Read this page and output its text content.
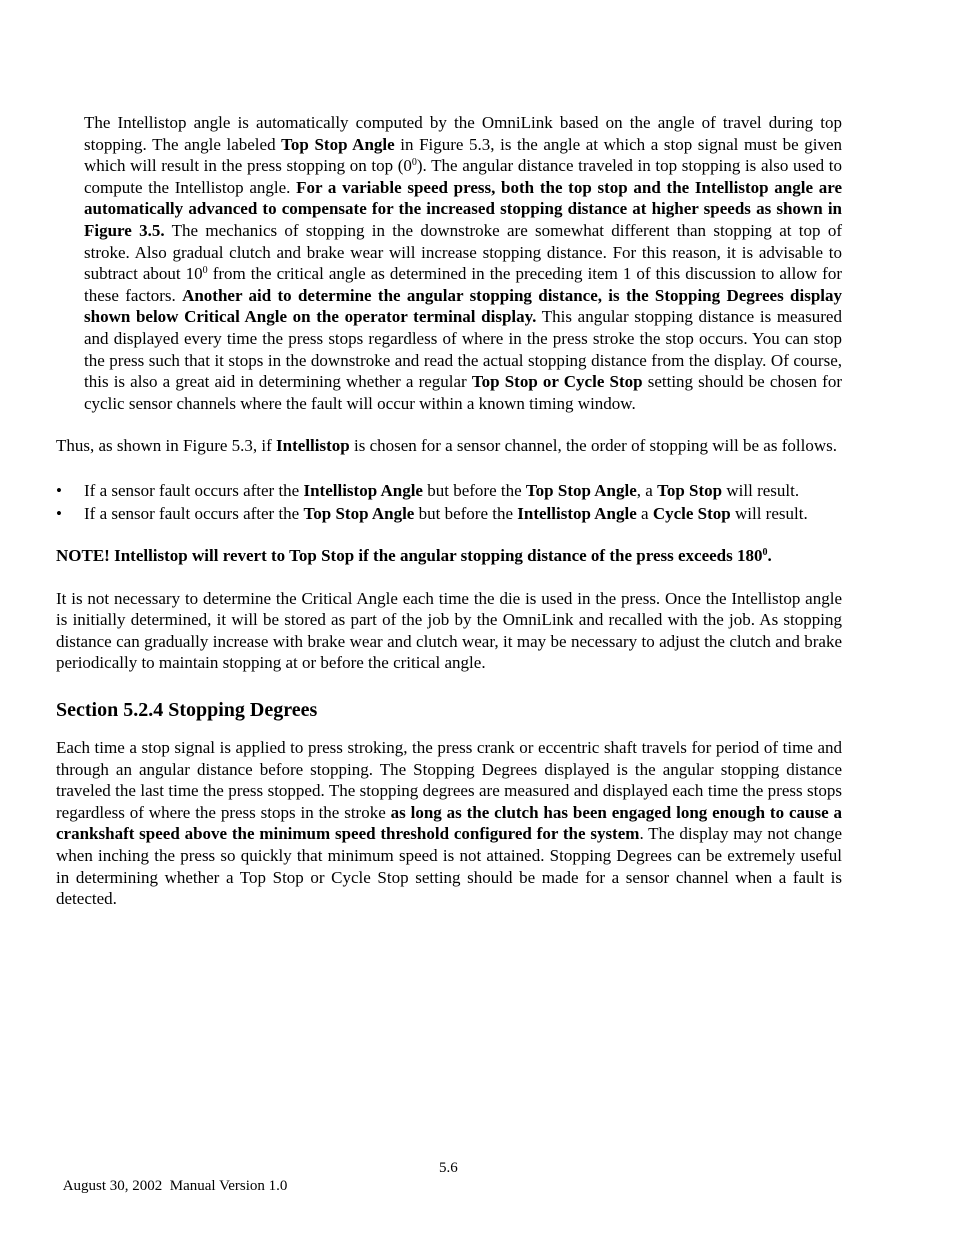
The Intellistop angle is automatically computed by the OmniLink based on the angle of travel during top stopping. The angle labeled Top Stop Angle in Figure 5.3, is the angle at which a stop signal must be given which will result in the press stopping on top $(0^0)$. The angular distance traveled in top stopping is also used to compute the Intellistop angle. For a variable speed press, both the top stop and the Intellistop angle are automatically advanced to compensate for the increased stopping distance at higher speeds as shown in Figure 3.5. The mechanics of stopping in the downstroke are somewhat different than stopping at top of stroke. Also gradual clutch and brake wear will increase stopping distance. For this reason, it is advisable to subtract about $10^0$ from the critical angle as determined in the preceding item 1 of this discussion to allow for these factors. Another aid to determine the angular stopping distance, is the Stopping Degrees display shown below Critical Angle on the operator terminal display. This angular stopping distance is measured and displayed every time the press stops regardless of where in the press stroke the stop occurs. You can stop the press such that it stops in the downstroke and read the actual stopping distance from the display. Of course, this is also a great aid in determining whether a regular Top Stop or Cycle Stop setting should be chosen for cyclic sensor channels where the fault will occur within a known timing window.

Thus, as shown in Figure 5.3, if Intellistop is chosen for a sensor channel, the order of stopping will be as follows.

• If a sensor fault occurs after the Intellistop Angle but before the Top Stop Angle, a Top Stop will result.
• If a sensor fault occurs after the Top Stop Angle but before the Intellistop Angle a Cycle Stop will result.

NOTE! Intellistop will revert to Top Stop if the angular stopping distance of the press exceeds $180^0$.

It is not necessary to determine the Critical Angle each time the die is used in the press. Once the Intellistop angle is initially determined, it will be stored as part of the job by the OmniLink and recalled with the job. As stopping distance can gradually increase with brake wear and clutch wear, it may be necessary to adjust the clutch and brake periodically to maintain stopping at or before the critical angle.

Section 5.2.4 Stopping Degrees

Each time a stop signal is applied to press stroking, the press crank or eccentric shaft travels for period of time and through an angular distance before stopping. The Stopping Degrees displayed is the angular stopping distance traveled the last time the press stopped. The stopping degrees are measured and displayed each time the press stops regardless of where the press stops in the stroke as long as the clutch has been engaged long enough to cause a crankshaft speed above the minimum speed threshold configured for the system. The display may not change when inching the press so quickly that minimum speed is not attained. Stopping Degrees can be extremely useful in determining whether a Top Stop or Cycle Stop setting should be made for a sensor channel when a fault is detected.

August 30, 2002  Manual Version 1.0

5.6
